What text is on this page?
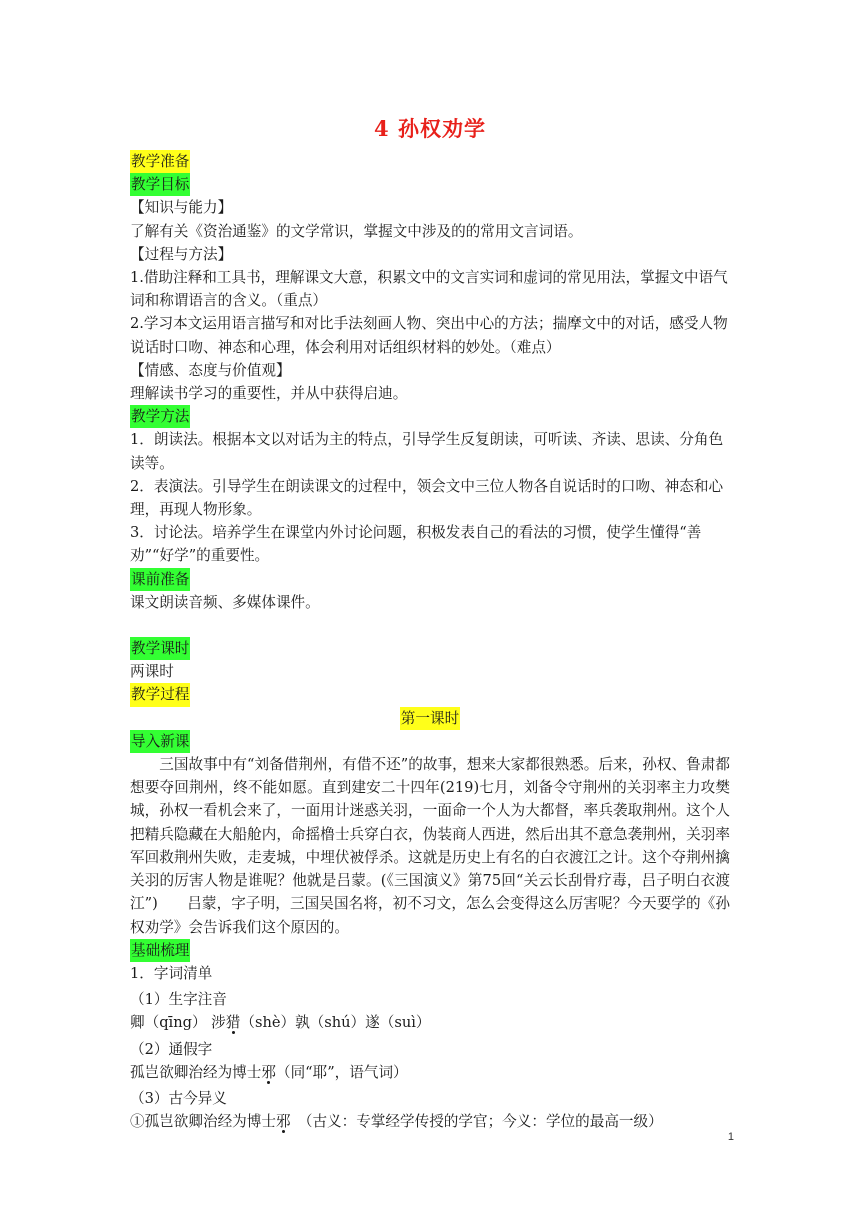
4 孙权劝学
教学准备
教学目标
【知识与能力】
了解有关《资治通鉴》的文学常识，掌握文中涉及的的常用文言词语。
【过程与方法】
1.借助注释和工具书，理解课文大意，积累文中的文言实词和虚词的常见用法，掌握文中语气词和称谓语言的含义。（重点）
2.学习本文运用语言描写和对比手法刻画人物、突出中心的方法；揣摩文中的对话，感受人物说话时口吻、神态和心理，体会利用对话组织材料的妙处。（难点）
【情感、态度与价值观】
理解读书学习的重要性，并从中获得启迪。
教学方法
1．朗读法。根据本文以对话为主的特点，引导学生反复朗读，可听读、齐读、思读、分角色读等。
2．表演法。引导学生在朗读课文的过程中，领会文中三位人物各自说话时的口吻、神态和心理，再现人物形象。
3．讨论法。培养学生在课堂内外讨论问题，积极发表自己的看法的习惯，使学生懂得“善劝”“好学”的重要性。
课前准备
课文朗读音频、多媒体课件。
教学课时
两课时
教学过程
第一课时
导入新课
三国故事中有“刘备借荆州，有借不还”的故事，想来大家都很熟悉。后来，孙权、鲁肃都想要夺回荆州，终不能如愿。直到建安二十四年(219)七月，刘备令守荆州的关羽率主力攻樊城，孙权一看机会来了，一面用计迷惑关羽，一面命一个人为大都督，率兵袭取荆州。这个人把精兵隐藏在大船舱内，命摇橹士兵穿白衣，伪装商人西进，然后出其不意急袭荆州，关羽率军回救荆州失败，走麦城，中埋伏被俘杀。这就是历史上有名的白衣渡江之计。这个夺荆州擒关羽的厉害人物是谁呢？他就是吕蒙。(《三国演义》第75回“关云长刮骨疗毒，吕子明白衣渡江”)　　吕蒙，字子明，三国吴国名将，初不习文，怎么会变得这么厉害呢？今天要学的《孙权劝学》会告诉我们这个原因的。
基础梳理
1．字词清单
（1）生字注音
卿（qīng） 涉猎（shè）孰（shú）遂（suì）
（2）通假字
孤岂欲卿治经为博士邪（同“耶”，语气词）
（3）古今异义
①孤岂欲卿治经为博士邪　（古义：专掌经学传授的学官；今义：学位的最高一级）
1
